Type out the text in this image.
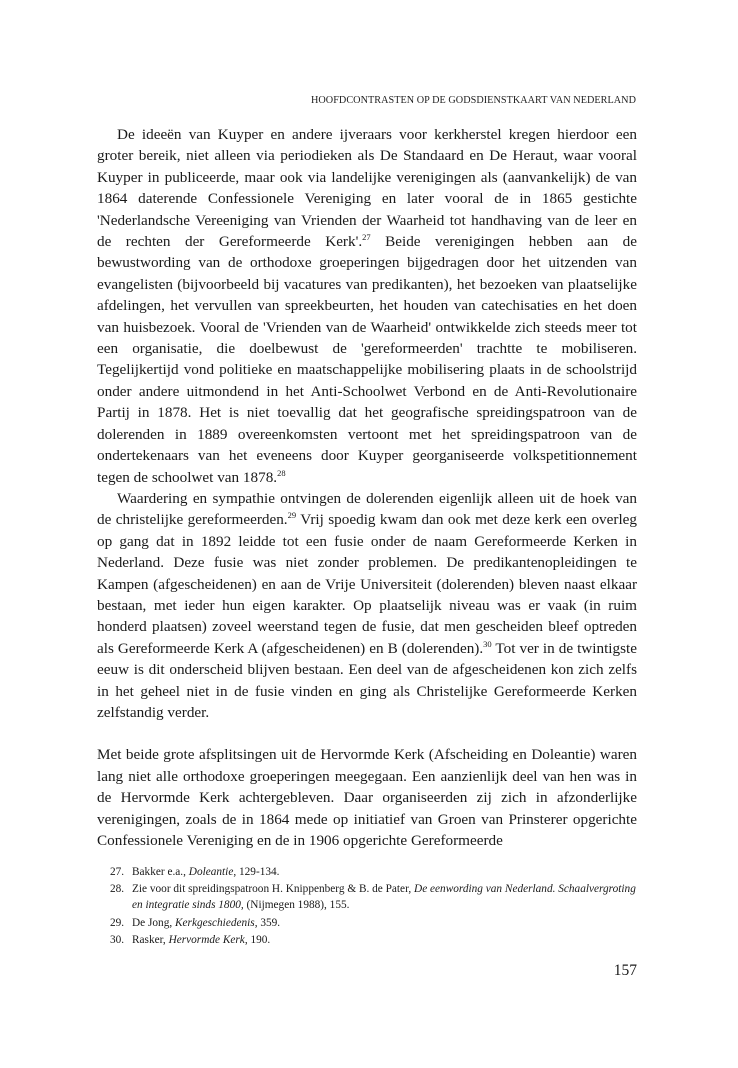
HOOFDCONTRASTEN OP DE GODSDIENSTKAART VAN NEDERLAND

De ideeën van Kuyper en andere ijveraars voor kerkherstel kregen hierdoor een groter bereik, niet alleen via periodieken als De Standaard en De Heraut, waar vooral Kuyper in publiceerde, maar ook via landelijke verenigingen als (aanvankelijk) de van 1864 daterende Confessionele Vereniging en later vooral de in 1865 gestichte 'Nederlandsche Vereeniging van Vrienden der Waarheid tot handhaving van de leer en de rechten der Gereformeerde Kerk'.$^{27}$ Beide verenigingen hebben aan de bewustwording van de orthodoxe groeperingen bijgedragen door het uitzenden van evangelisten (bijvoorbeeld bij vacatures van predikanten), het bezoeken van plaatselijke afdelingen, het vervullen van spreekbeurten, het houden van catechisaties en het doen van huisbezoek. Vooral de 'Vrienden van de Waarheid' ontwikkelde zich steeds meer tot een organisatie, die doelbewust de 'gereformeerden' trachtte te mobiliseren. Tegelijkertijd vond politieke en maatschappelijke mobilisering plaats in de schoolstrijd onder andere uitmondend in het Anti-Schoolwet Verbond en de Anti-Revolutionaire Partij in 1878. Het is niet toevallig dat het geografische spreidingspatroon van de dolerenden in 1889 overeenkomsten vertoont met het spreidingspatroon van de ondertekenaars van het eveneens door Kuyper georganiseerde volkspetitionnement tegen de schoolwet van 1878.28

Waardering en sympathie ontvingen de dolerenden eigenlijk alleen uit de hoek van de christelijke gereformeerden.$^{29}$ Vrij spoedig kwam dan ook met deze kerk een overleg op gang dat in 1892 leidde tot een fusie onder de naam Gereformeerde Kerken in Nederland. Deze fusie was niet zonder problemen. De predikantenopleidingen te Kampen (afgescheidenen) en aan de Vrije Universiteit (dolerenden) bleven naast elkaar bestaan, met ieder hun eigen karakter. Op plaatselijk niveau was er vaak (in ruim honderd plaatsen) zoveel weerstand tegen de fusie, dat men gescheiden bleef optreden als Gereformeerde Kerk A (afgescheidenen) en B (dolerenden).$^{30}$ Tot ver in de twintigste eeuw is dit onderscheid blijven bestaan. Een deel van de afgescheidenen kon zich zelfs in het geheel niet in de fusie vinden en ging als Christelijke Gereformeerde Kerken zelfstandig verder.

Met beide grote afsplitsingen uit de Hervormde Kerk (Afscheiding en Doleantie) waren lang niet alle orthodoxe groeperingen meegegaan. Een aanzienlijk deel van hen was in de Hervormde Kerk achtergebleven. Daar organiseerden zij zich in afzonderlijke verenigingen, zoals de in 1864 mede op initiatief van Groen van Prinsterer opgerichte Confessionele Vereniging en de in 1906 opgerichte Gereformeerde

27. Bakker e.a., Doleantie, 129-134.
28. Zie voor dit spreidingspatroon H. Knippenberg & B. de Pater, De eenwording van Nederland. Schaalvergroting en integratie sinds 1800, (Nijmegen 1988), 155.
29. De Jong, Kerkgeschiedenis, 359.
30. Rasker, Hervormde Kerk, 190.
157
